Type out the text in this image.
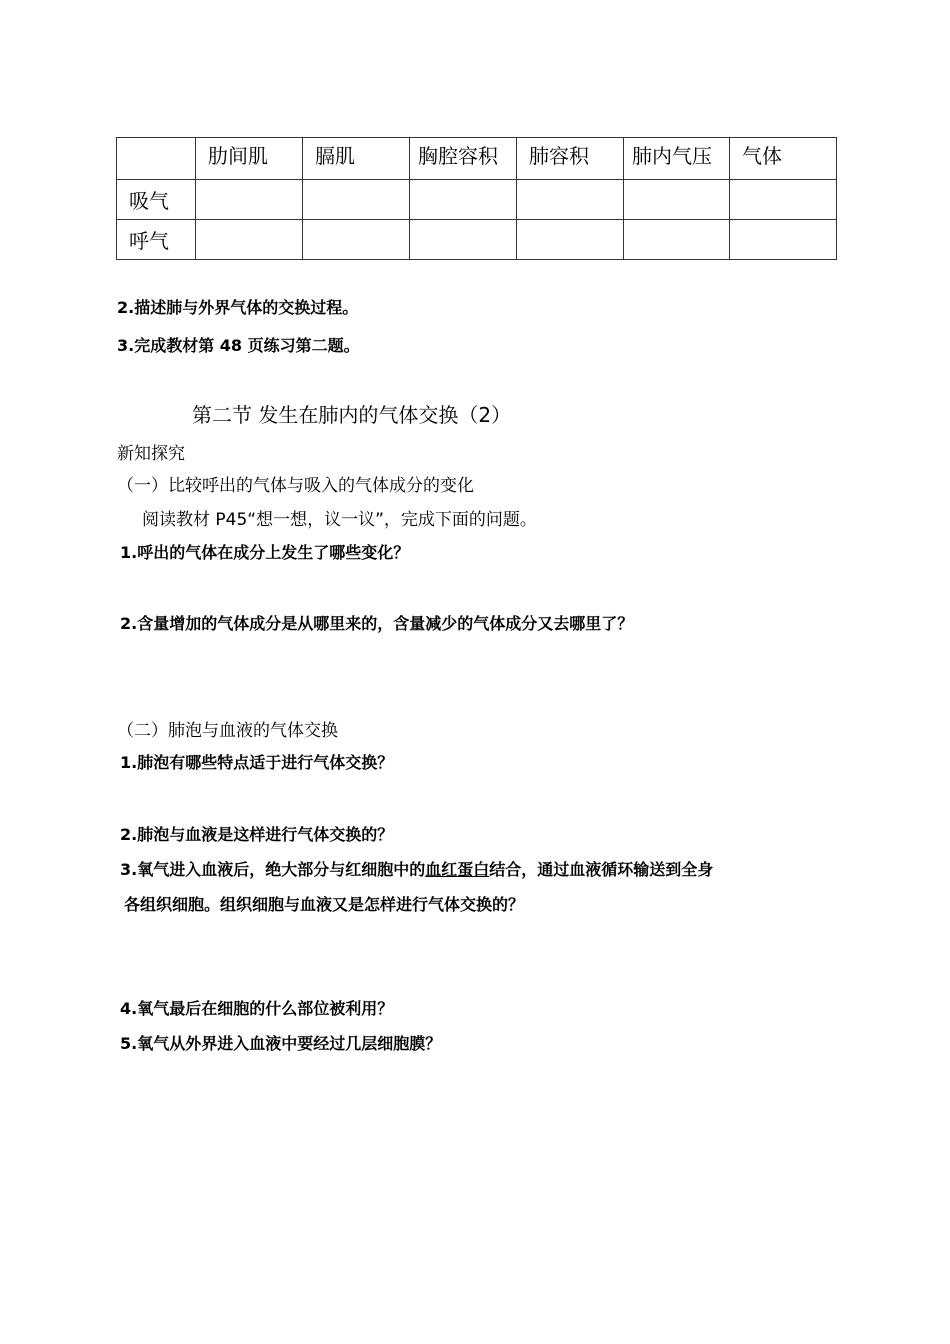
	肋间肌	膈肌	胸腔容积	肺容积	肺内气压	气体
吸气						
呼气						
2.描述肺与外界气体的交换过程。
3.完成教材第 48 页练习第二题。
第二节 发生在肺内的气体交换（2）
新知探究
（一）比较呼出的气体与吸入的气体成分的变化
阅读教材 P45“想一想，议一议”，完成下面的问题。
1.呼出的气体在成分上发生了哪些变化？
2.含量增加的气体成分是从哪里来的，含量减少的气体成分又去哪里了？
（二）肺泡与血液的气体交换
1.肺泡有哪些特点适于进行气体交换？
2.肺泡与血液是这样进行气体交换的？
3.氧气进入血液后，绝大部分与红细胞中的血红蛋白结合，通过血液循环输送到全身
各组织细胞。组织细胞与血液又是怎样进行气体交换的？
4.氧气最后在细胞的什么部位被利用？
5.氧气从外界进入血液中要经过几层细胞膜？
